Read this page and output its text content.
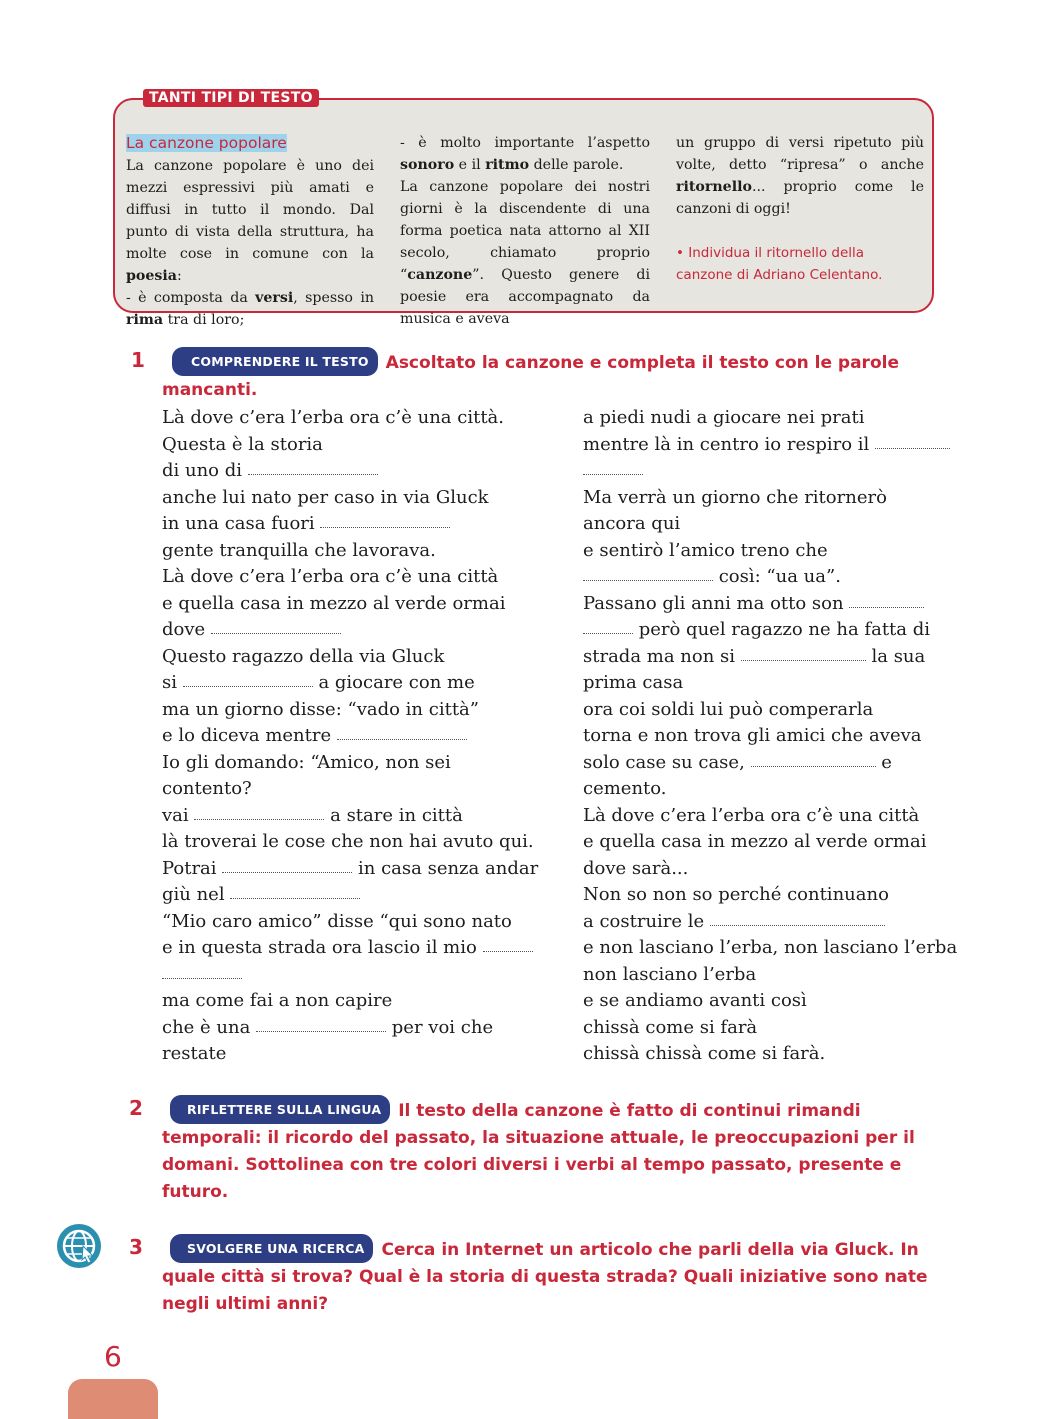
TANTI TIPI DI TESTO
La canzone popolare
La canzone popolare è uno dei mezzi espressivi più amati e diffusi in tutto il mondo. Dal punto di vista della struttura, ha molte cose in comune con la poesia:
- è composta da versi, spesso in rima tra di loro;
- è molto importante l’aspetto sonoro e il ritmo delle parole.
La canzone popolare dei nostri giorni è la discendente di una forma poetica nata attorno al XII secolo, chiamato proprio “canzone”. Questo genere di poesie era accompagnato da musica e aveva
un gruppo di versi ripetuto più volte, detto “ripresa” o anche ritornello... proprio come le canzoni di oggi!
• Individua il ritornello della canzone di Adriano Celentano.
1	COMPRENDERE IL TESTO Ascoltato la canzone e completa il testo con le parole mancanti.
Là dove c’era l’erba ora c’è una città.
Questa è la storia
di uno di
anche lui nato per caso in via Gluck
in una casa fuori
gente tranquilla che lavorava.
Là dove c’era l’erba ora c’è una città
e quella casa in mezzo al verde ormai
dove
Questo ragazzo della via Gluck
si	a giocare con me
ma un giorno disse: “vado in città”
e lo diceva mentre
Io gli domando: “Amico, non sei
contento?
vai	a stare in città
là troverai le cose che non hai avuto qui.
Potrai	in casa senza andar
giù nel
“Mio caro amico” disse “qui sono nato
e in questa strada ora lascio il mio
ma come fai a non capire
che è una	per voi che
restate
a piedi nudi a giocare nei prati
mentre là in centro io respiro il
Ma verrà un giorno che ritornerò
ancora qui
e sentirò l’amico treno che
così: “ua ua”.
Passano gli anni ma otto son
però quel ragazzo ne ha fatta di
strada ma non si	la sua
prima casa
ora coi soldi lui può comperarla
torna e non trova gli amici che aveva
solo case su case,	e
cemento.
Là dove c’era l’erba ora c’è una città
e quella casa in mezzo al verde ormai
dove sarà...
Non so non so perché continuano
a costruire le
e non lasciano l’erba, non lasciano l’erba
non lasciano l’erba
e se andiamo avanti così
chissà come si farà
chissà chissà come si farà.
2	RIFLETTERE SULLA LINGUA Il testo della canzone è fatto di continui rimandi temporali: il ricordo del passato, la situazione attuale, le preoccupazioni per il domani. Sottolinea con tre colori diversi i verbi al tempo passato, presente e futuro.
3	SVOLGERE UNA RICERCA Cerca in Internet un articolo che parli della via Gluck. In quale città si trova? Qual è la storia di questa strada? Quali iniziative sono nate negli ultimi anni?
6
